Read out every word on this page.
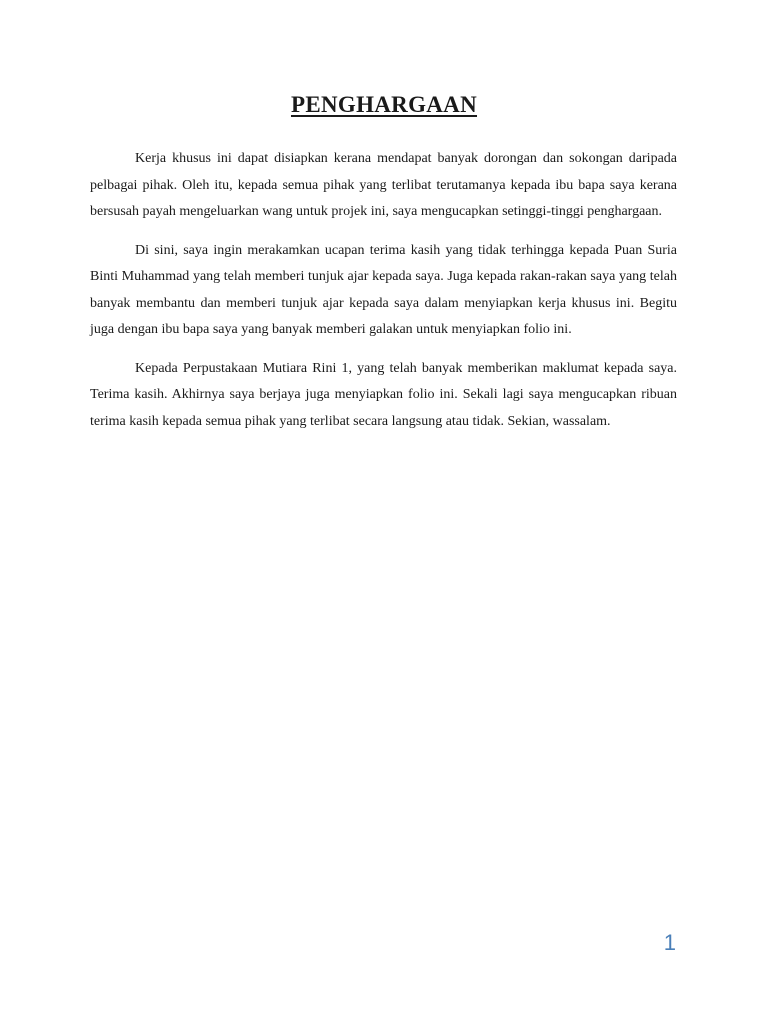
PENGHARGAAN

Kerja khusus ini dapat disiapkan kerana mendapat banyak dorongan dan sokongan daripada pelbagai pihak. Oleh itu, kepada semua pihak yang terlibat terutamanya kepada ibu bapa saya kerana bersusah payah mengeluarkan wang untuk projek ini, saya mengucapkan setinggi-tinggi penghargaan.

Di sini, saya ingin merakamkan ucapan terima kasih yang tidak terhingga kepada Puan Suria Binti Muhammad yang telah memberi tunjuk ajar kepada saya. Juga kepada rakan-rakan saya yang telah banyak membantu dan memberi tunjuk ajar kepada saya dalam menyiapkan kerja khusus ini. Begitu juga dengan ibu bapa saya yang banyak memberi galakan untuk menyiapkan folio ini.

Kepada Perpustakaan Mutiara Rini 1, yang telah banyak memberikan maklumat kepada saya. Terima kasih. Akhirnya saya berjaya juga menyiapkan folio ini. Sekali lagi saya mengucapkan ribuan terima kasih kepada semua pihak yang terlibat secara langsung atau tidak. Sekian, wassalam.

1
